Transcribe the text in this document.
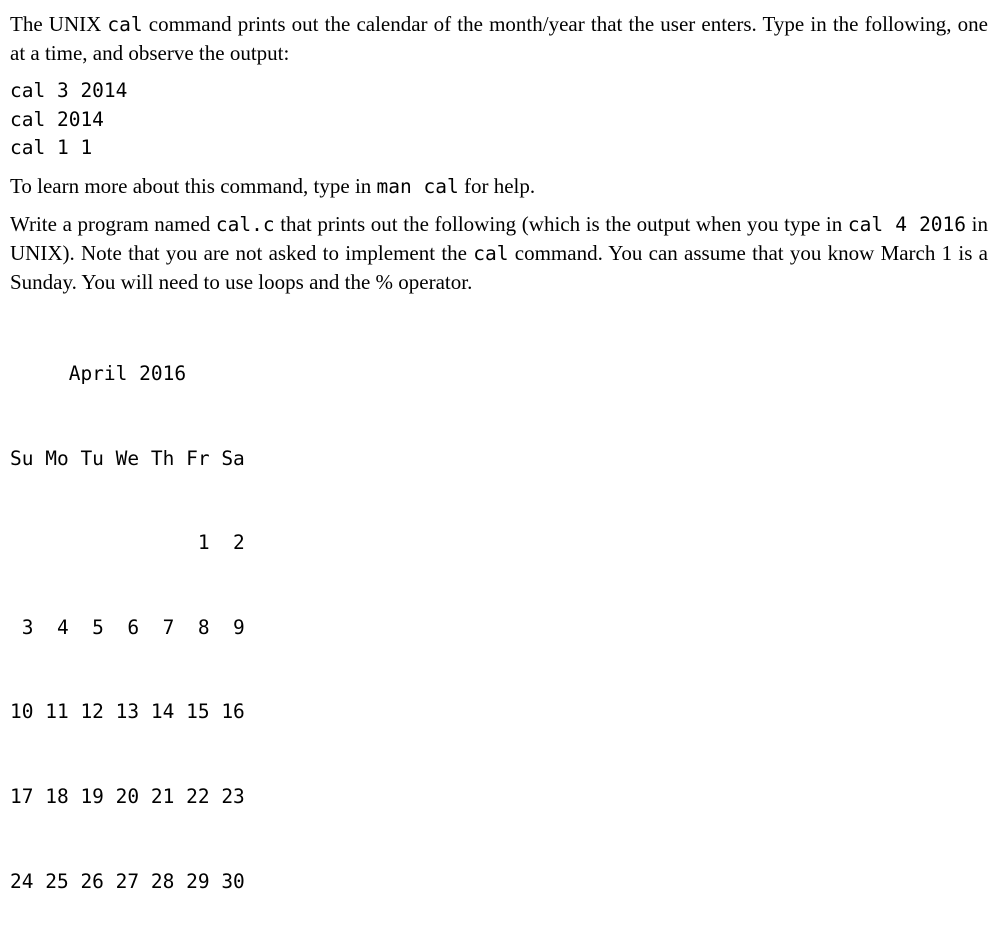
The UNIX cal command prints out the calendar of the month/year that the user enters. Type in the following, one at a time, and observe the output:

cal 3 2014
cal 2014
cal 1 1

To learn more about this command, type in man cal for help.

Write a program named cal.c that prints out the following (which is the output when you type in cal 4 2016 in UNIX). Note that you are not asked to implement the cal command. You can assume that you know March 1 is a Sunday. You will need to use loops and the % operator.

April 2016

Su Mo Tu We Th Fr Sa

1  2

3  4  5  6  7  8  9

10 11 12 13 14 15 16

17 18 19 20 21 22 23

24 25 26 27 28 29 30
